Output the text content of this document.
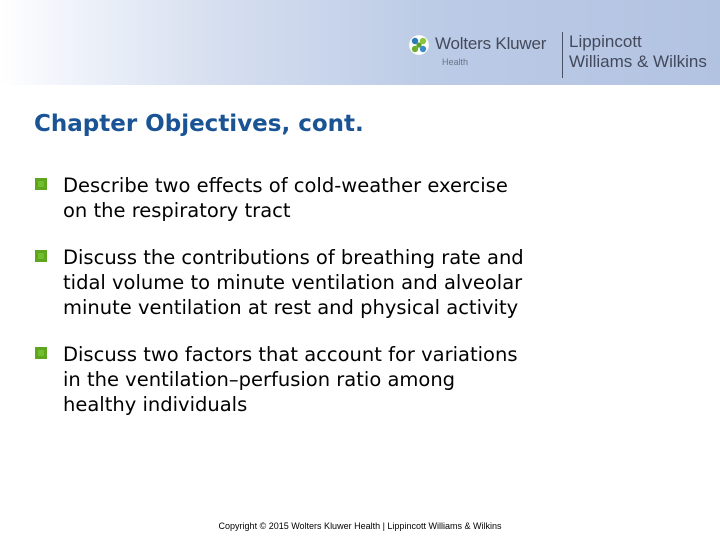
Wolters Kluwer
Health
Lippincott
Williams & Wilkins
Chapter Objectives, cont.
Describe two effects of cold-weather exercise
on the respiratory tract
Discuss the contributions of breathing rate and
tidal volume to minute ventilation and alveolar
minute ventilation at rest and physical activity
Discuss two factors that account for variations
in the ventilation–perfusion ratio among
healthy individuals
Copyright © 2015 Wolters Kluwer Health | Lippincott Williams & Wilkins
